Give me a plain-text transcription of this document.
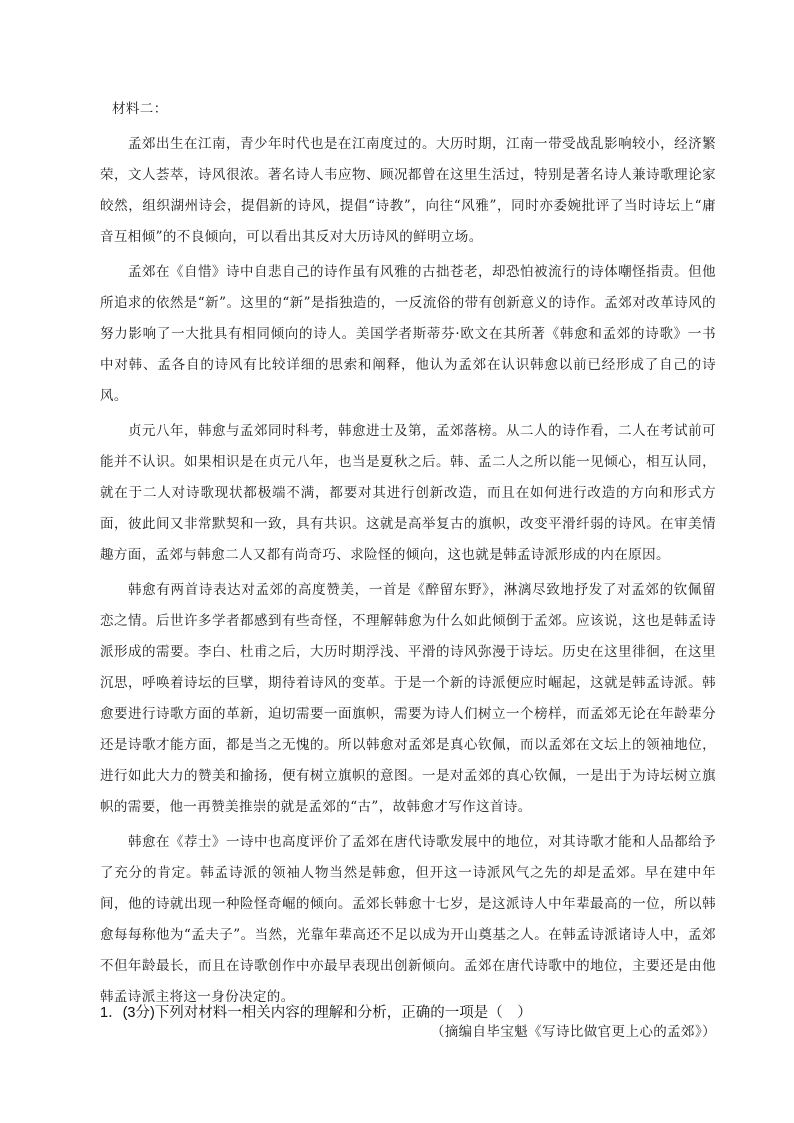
材料二：

孟郊出生在江南，青少年时代也是在江南度过的。大历时期，江南一带受战乱影响较小，经济繁荣，文人荟萃，诗风很浓。著名诗人韦应物、顾况都曾在这里生活过，特别是著名诗人兼诗歌理论家皎然，组织湖州诗会，提倡新的诗风，提倡“诗教”，向往“风雅”，同时亦委婉批评了当时诗坛上“庸音互相倾”的不良倾向，可以看出其反对大历诗风的鲜明立场。

孟郊在《自惜》诗中自悲自己的诗作虽有风雅的古拙苍老，却恐怕被流行的诗体嘲怪指责。但他所追求的依然是“新”。这里的“新”是指独造的，一反流俗的带有创新意义的诗作。孟郊对改革诗风的努力影响了一大批具有相同倾向的诗人。美国学者斯蒂芬·欧文在其所著《韩愈和孟郊的诗歌》一书中对韩、孟各自的诗风有比较详细的思索和阐释，他认为孟郊在认识韩愈以前已经形成了自己的诗风。

贞元八年，韩愈与孟郊同时科考，韩愈进士及第，孟郊落榜。从二人的诗作看，二人在考试前可能并不认识。如果相识是在贞元八年，也当是夏秋之后。韩、孟二人之所以能一见倾心，相互认同，就在于二人对诗歌现状都极端不满，都要对其进行创新改造，而且在如何进行改造的方向和形式方面，彼此间又非常默契和一致，具有共识。这就是高举复古的旗帜，改变平滑纤弱的诗风。在审美情趣方面，孟郊与韩愈二人又都有尚奇巧、求险怪的倾向，这也就是韩孟诗派形成的内在原因。

韩愈有两首诗表达对孟郊的高度赞美，一首是《醉留东野》，淋漓尽致地抒发了对孟郊的钦佩留恋之情。后世许多学者都感到有些奇怪，不理解韩愈为什么如此倾倒于孟郊。应该说，这也是韩孟诗派形成的需要。李白、杜甫之后，大历时期浮浅、平滑的诗风弥漫于诗坛。历史在这里徘徊，在这里沉思，呼唤着诗坛的巨擘，期待着诗风的变革。于是一个新的诗派便应时崛起，这就是韩孟诗派。韩愈要进行诗歌方面的革新，迫切需要一面旗帜，需要为诗人们树立一个榜样，而孟郊无论在年龄辈分还是诗歌才能方面，都是当之无愧的。所以韩愈对孟郊是真心钦佩，而以孟郊在文坛上的领袖地位，进行如此大力的赞美和揄扬，便有树立旗帜的意图。一是对孟郊的真心钦佩，一是出于为诗坛树立旗帜的需要，他一再赞美推崇的就是孟郊的“古”，故韩愈才写作这首诗。

韩愈在《荐士》一诗中也高度评价了孟郊在唐代诗歌发展中的地位，对其诗歌才能和人品都给予了充分的肯定。韩孟诗派的领袖人物当然是韩愈，但开这一诗派风气之先的却是孟郊。早在建中年间，他的诗就出现一种险怪奇崛的倾向。孟郊长韩愈十七岁，是这派诗人中年辈最高的一位，所以韩愈每每称他为“孟夫子”。当然，光靠年辈高还不足以成为开山奠基之人。在韩孟诗派诸诗人中，孟郊不但年龄最长，而且在诗歌创作中亦最早表现出创新倾向。孟郊在唐代诗歌中的地位，主要还是由他韩孟诗派主将这一身份决定的。

（摘编自毕宝魁《写诗比做官更上心的孟郊》）

1．(3分)下列对材料一相关内容的理解和分析，正确的一项是（　）
